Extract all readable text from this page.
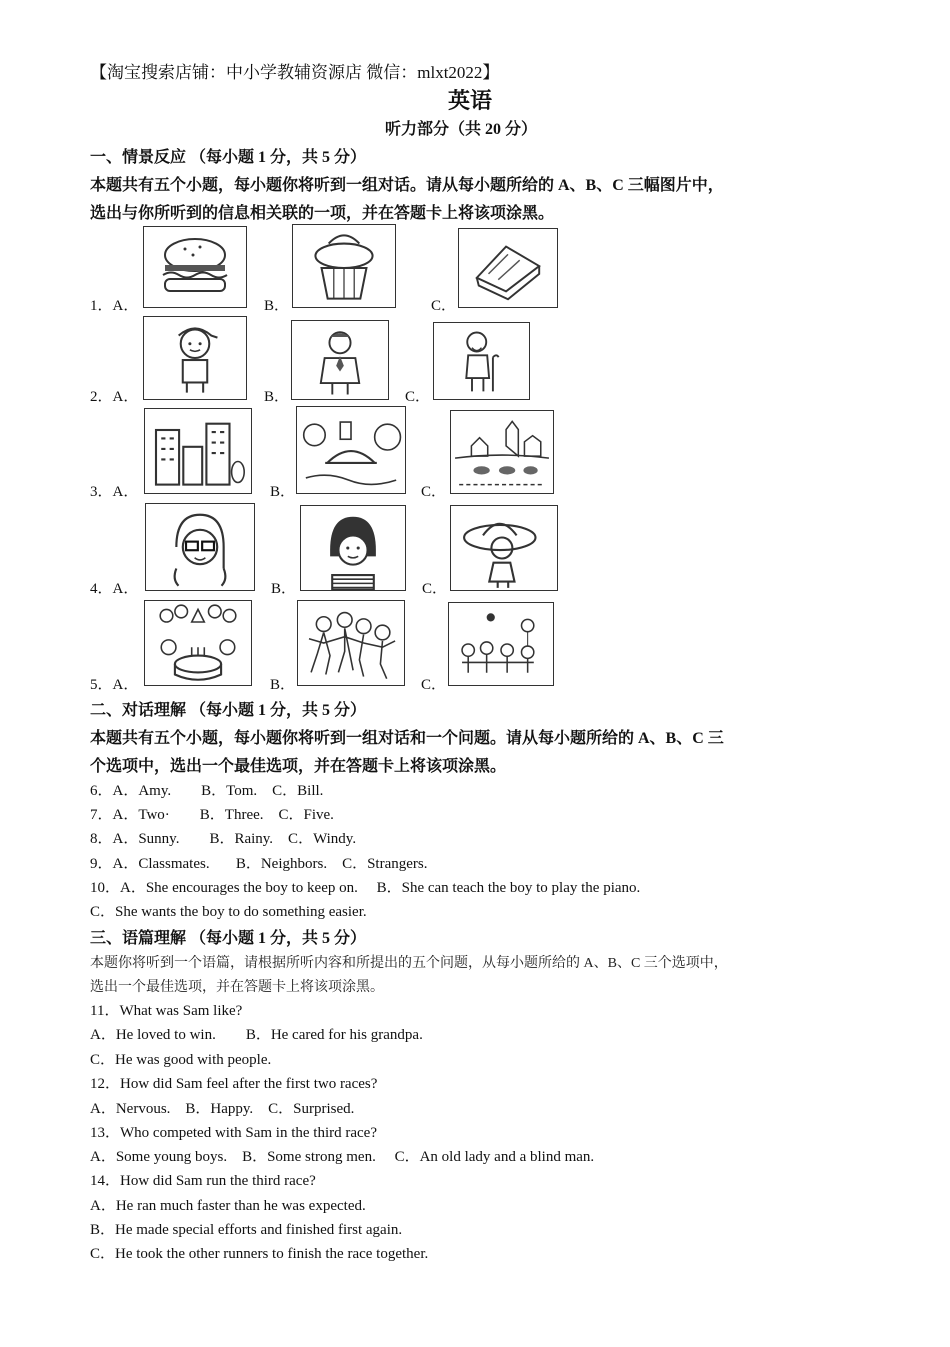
【淘宝搜索店铺：中小学教辅资源店 微信：mlxt2022】
英语
听力部分（共 20 分）
一、情景反应 （每小题 1 分，共 5 分）
本题共有五个小题，每小题你将听到一组对话。请从每小题所给的 A、B、C 三幅图片中，
选出与你所听到的信息相关联的一项，并在答题卡上将该项涂黑。
1．A．	B．	C．
2．A．	B．	C．
3．A．	B．	C．
4．A．	B．	C．
5．A．	B．	C．
二、对话理解 （每小题 1 分，共 5 分）
本题共有五个小题，每小题你将听到一组对话和一个问题。请从每小题所给的 A、B、C 三
个选项中，选出一个最佳选项，并在答题卡上将该项涂黑。
6．A．Amy.        B．Tom.    C．Bill.
7．A．Two·        B．Three.    C．Five.
8．A．Sunny.        B．Rainy.    C．Windy.
9．A．Classmates.       B．Neighbors.    C．Strangers.
10．A．She encourages the boy to keep on.     B．She can teach the boy to play the piano.
C．She wants the boy to do something easier.
三、语篇理解 （每小题 1 分，共 5 分）
本题你将听到一个语篇，请根据所听内容和所提出的五个问题，从每小题所给的 A、B、C 三个选项中，
选出一个最佳选项，并在答题卡上将该项涂黑。
11．What was Sam like?
A．He loved to win.        B．He cared for his grandpa.
C．He was good with people.
12．How did Sam feel after the first two races?
A．Nervous.    B．Happy.    C．Surprised.
13．Who competed with Sam in the third race?
A．Some young boys.    B．Some strong men.     C．An old lady and a blind man.
14．How did Sam run the third race?
A．He ran much faster than he was expected.
B．He made special efforts and finished first again.
C．He took the other runners to finish the race together.
